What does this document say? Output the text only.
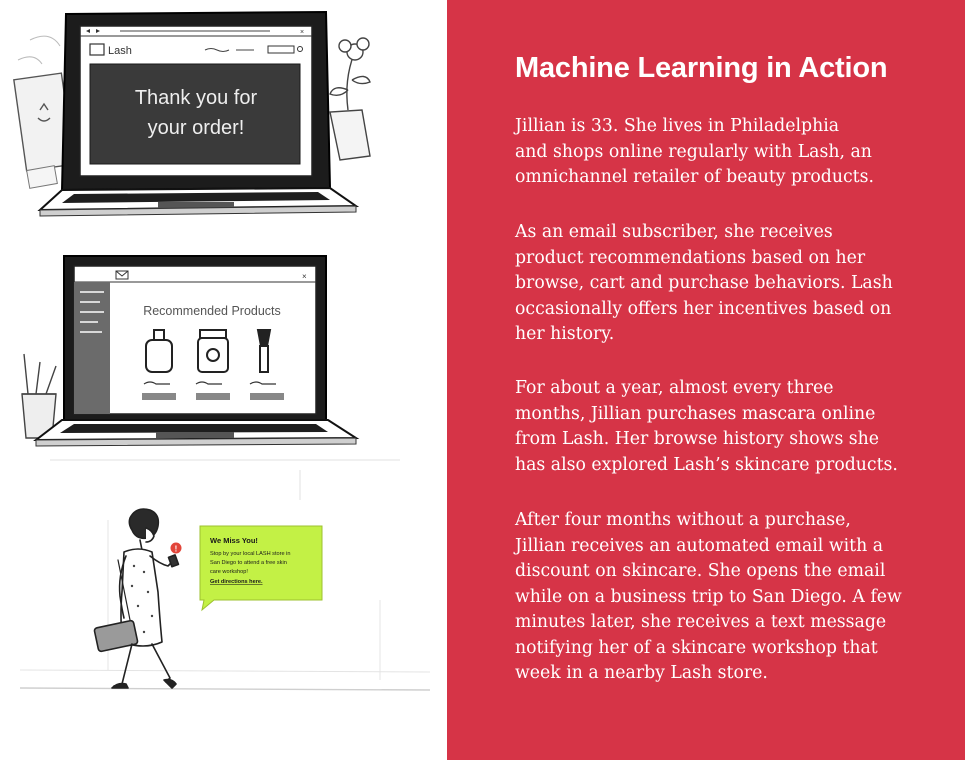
×
Lash
Thank you for
your order!
×
Recommended Products
We Miss You!
Stop by your local LASH store in
San Diego to attend a free skin
care workshop!
Get directions here.
!
Machine Learning in Action

Jillian is 33. She lives in Philadelphia
and shops online regularly with Lash, an
omnichannel retailer of beauty products.

As an email subscriber, she receives
product recommendations based on her
browse, cart and purchase behaviors. Lash
occasionally offers her incentives based on
her history.

For about a year, almost every three
months, Jillian purchases mascara online
from Lash. Her browse history shows she
has also explored Lash’s skincare products.

After four months without a purchase,
Jillian receives an automated email with a
discount on skincare. She opens the email
while on a business trip to San Diego. A few
minutes later, she receives a text message
notifying her of a skincare workshop that
week in a nearby Lash store.
